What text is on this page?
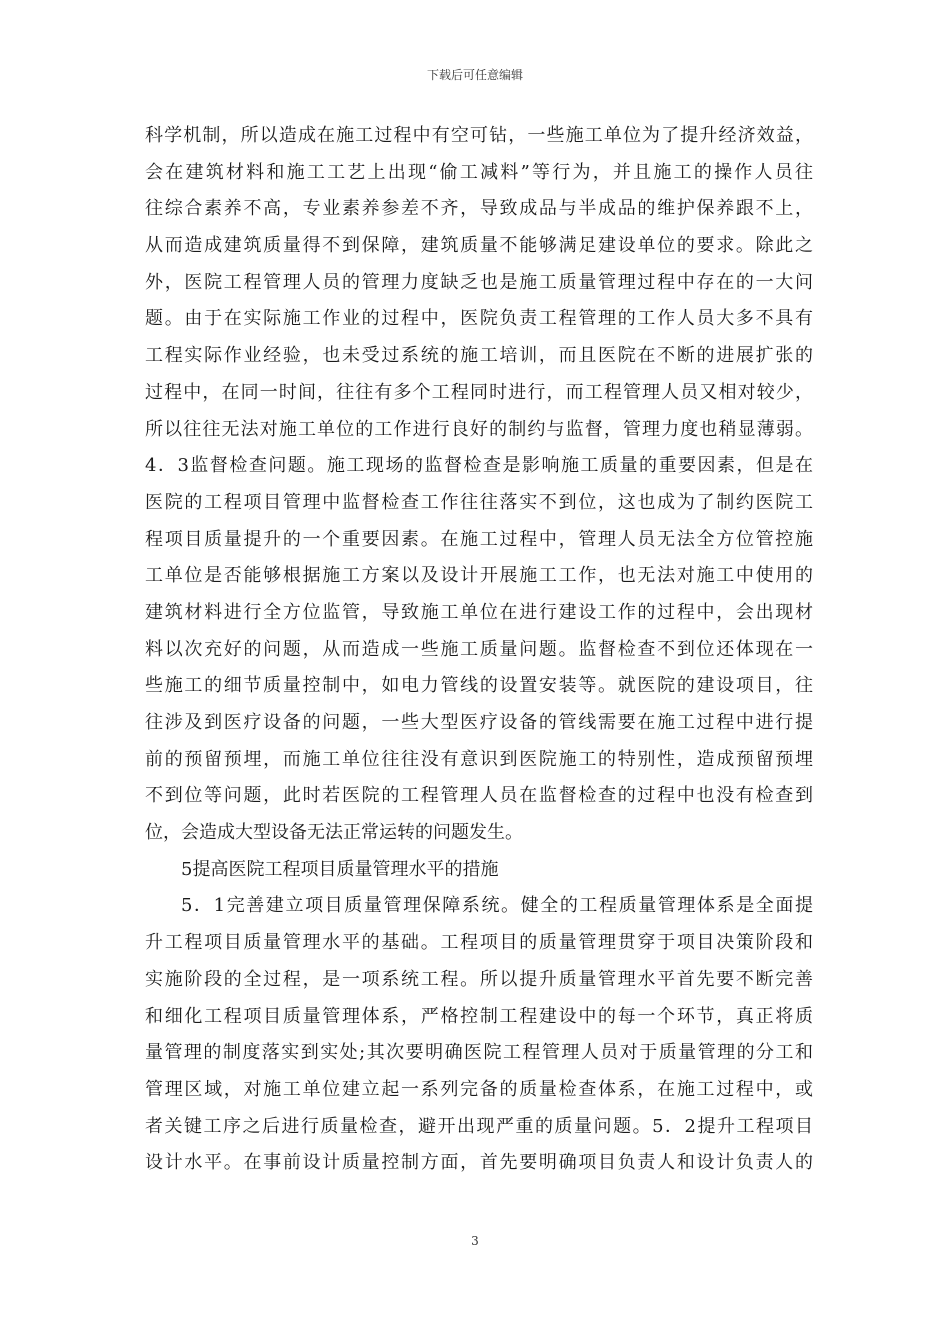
下载后可任意编辑
科学机制，所以造成在施工过程中有空可钻，一些施工单位为了提升经济效益，
会在建筑材料和施工工艺上出现“偷工减料”等行为，并且施工的操作人员往
往综合素养不高，专业素养参差不齐，导致成品与半成品的维护保养跟不上，
从而造成建筑质量得不到保障，建筑质量不能够满足建设单位的要求。除此之
外，医院工程管理人员的管理力度缺乏也是施工质量管理过程中存在的一大问
题。由于在实际施工作业的过程中，医院负责工程管理的工作人员大多不具有
工程实际作业经验，也未受过系统的施工培训，而且医院在不断的进展扩张的
过程中，在同一时间，往往有多个工程同时进行，而工程管理人员又相对较少，
所以往往无法对施工单位的工作进行良好的制约与监督，管理力度也稍显薄弱。
4．3监督检查问题。施工现场的监督检查是影响施工质量的重要因素，但是在
医院的工程项目管理中监督检查工作往往落实不到位，这也成为了制约医院工
程项目质量提升的一个重要因素。在施工过程中，管理人员无法全方位管控施
工单位是否能够根据施工方案以及设计开展施工工作，也无法对施工中使用的
建筑材料进行全方位监管，导致施工单位在进行建设工作的过程中，会出现材
料以次充好的问题，从而造成一些施工质量问题。监督检查不到位还体现在一
些施工的细节质量控制中，如电力管线的设置安装等。就医院的建设项目，往
往涉及到医疗设备的问题，一些大型医疗设备的管线需要在施工过程中进行提
前的预留预埋，而施工单位往往没有意识到医院施工的特别性，造成预留预埋
不到位等问题，此时若医院的工程管理人员在监督检查的过程中也没有检查到
位，会造成大型设备无法正常运转的问题发生。
5提高医院工程项目质量管理水平的措施
5．1完善建立项目质量管理保障系统。健全的工程质量管理体系是全面提
升工程项目质量管理水平的基础。工程项目的质量管理贯穿于项目决策阶段和
实施阶段的全过程，是一项系统工程。所以提升质量管理水平首先要不断完善
和细化工程项目质量管理体系，严格控制工程建设中的每一个环节，真正将质
量管理的制度落实到实处;其次要明确医院工程管理人员对于质量管理的分工和
管理区域，对施工单位建立起一系列完备的质量检查体系，在施工过程中，或
者关键工序之后进行质量检查，避开出现严重的质量问题。5．2提升工程项目
设计水平。在事前设计质量控制方面，首先要明确项目负责人和设计负责人的
3
